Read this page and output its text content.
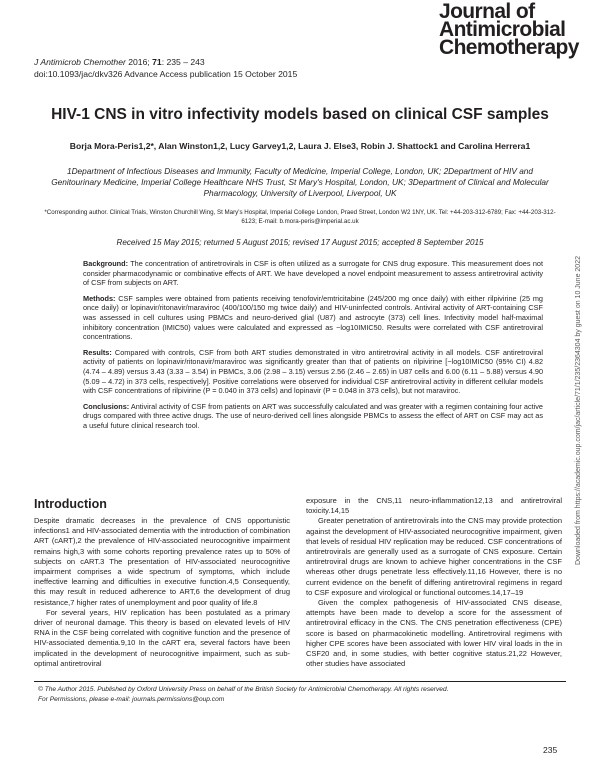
J Antimicrob Chemother 2016; 71: 235 – 243
doi:10.1093/jac/dkv326 Advance Access publication 15 October 2015
Journal of
Antimicrobial
Chemotherapy
HIV-1 CNS in vitro infectivity models based on clinical CSF samples
Borja Mora-Peris1,2*, Alan Winston1,2, Lucy Garvey1,2, Laura J. Else3, Robin J. Shattock1 and Carolina Herrera1
1Department of Infectious Diseases and Immunity, Faculty of Medicine, Imperial College, London, UK; 2Department of HIV and Genitourinary Medicine, Imperial College Healthcare NHS Trust, St Mary's Hospital, London, UK; 3Department of Clinical and Molecular Pharmacology, University of Liverpool, Liverpool, UK
*Corresponding author. Clinical Trials, Winston Churchill Wing, St Mary's Hospital, Imperial College London, Praed Street, London W2 1NY, UK. Tel: +44-203-312-6789; Fax: +44-203-312-6123; E-mail: b.mora-peris@imperial.ac.uk
Received 15 May 2015; returned 5 August 2015; revised 17 August 2015; accepted 8 September 2015
Downloaded from https://academic.oup.com/jac/article/71/1/235/2364304 by guest on 10 June 2022

Background: The concentration of antiretrovirals in CSF is often utilized as a surrogate for CNS drug exposure. This measurement does not consider pharmacodynamic or combinative effects of ART. We have developed a novel endpoint measurement to assess antiretroviral activity of CSF from subjects on ART.

Methods: CSF samples were obtained from patients receiving tenofovir/emtricitabine (245/200 mg once daily) with either rilpivirine (25 mg once daily) or lopinavir/ritonavir/maraviroc (400/100/150 mg twice daily) and HIV-uninfected controls. Antiviral activity of ART-containing CSF was assessed in cell cultures using PBMCs and neuro-derived glial (U87) and astrocyte (373) cell lines. Infectivity model half-maximal inhibitory concentration (IMIC50) values were calculated and expressed as −log10IMIC50. Results were correlated with CSF antiretroviral concentrations.

Results: Compared with controls, CSF from both ART studies demonstrated in vitro antiretroviral activity in all models. CSF antiretroviral activity of patients on lopinavir/ritonavir/maraviroc was significantly greater than that of patients on rilpivirine [−log10IMIC50 (95% CI) 4.82 (4.74 – 4.89) versus 3.43 (3.33 – 3.54) in PBMCs, 3.06 (2.98 – 3.15) versus 2.56 (2.46 – 2.65) in U87 cells and 6.00 (6.11 – 5.88) versus 4.90 (5.09 – 4.72) in 373 cells, respectively]. Positive correlations were observed for individual CSF antiretroviral activity in different cellular models with CSF concentrations of rilpivirine (P = 0.040 in 373 cells) and lopinavir (P = 0.048 in 373 cells), but not maraviroc.

Conclusions: Antiviral activity of CSF from patients on ART was successfully calculated and was greater with a regimen containing four active drugs compared with three active drugs. The use of neuro-derived cell lines alongside PBMCs to assess the effect of ART on CSF may act as a useful future clinical research tool.

Introduction

Despite dramatic decreases in the prevalence of CNS opportunistic infections1 and HIV-associated dementia with the introduction of combination ART (cART),2 the prevalence of HIV-associated neurocognitive impairment remains high,3 with some cohorts reporting prevalence rates up to 50% of subjects on cART.3 The presentation of HIV-associated neurocognitive impairment comprises a wide spectrum of symptoms, which include ineffective learning and difficulties in executive function.4,5 Consequently, this may result in reduced adherence to ART,6 the development of drug resistance,7 higher rates of unemployment and poor quality of life.8

For several years, HIV replication has been postulated as a primary driver of neuronal damage. This theory is based on elevated levels of HIV RNA in the CSF being correlated with cognitive function and the presence of HIV-associated dementia.9,10 In the cART era, several factors have been implicated in the development of neurocognitive impairment, such as sub-optimal antiretroviral

exposure in the CNS,11 neuro-inflammation12,13 and antiretroviral toxicity.14,15

Greater penetration of antiretrovirals into the CNS may provide protection against the development of HIV-associated neurocognitive impairment, given that levels of residual HIV replication may be reduced. CSF concentrations of antiretrovirals are generally used as a surrogate of CNS exposure. Certain antiretroviral drugs are known to achieve higher concentrations in the CSF whereas other drugs penetrate less effectively.11,16 However, there is no current evidence on the benefit of differing antiretroviral regimens in regard to CSF exposure and virological or functional outcomes.14,17–19

Given the complex pathogenesis of HIV-associated CNS disease, attempts have been made to develop a score for the assessment of antiretroviral efficacy in the CNS. The CNS penetration effectiveness (CPE) score is based on pharmacokinetic modelling. Antiretroviral regimens with higher CPE scores have been associated with lower HIV viral loads in the in CSF20 and, in some studies, with better cognitive status.21,22 However, other studies have associated

© The Author 2015. Published by Oxford University Press on behalf of the British Society for Antimicrobial Chemotherapy. All rights reserved.
For Permissions, please e-mail: journals.permissions@oup.com
235
